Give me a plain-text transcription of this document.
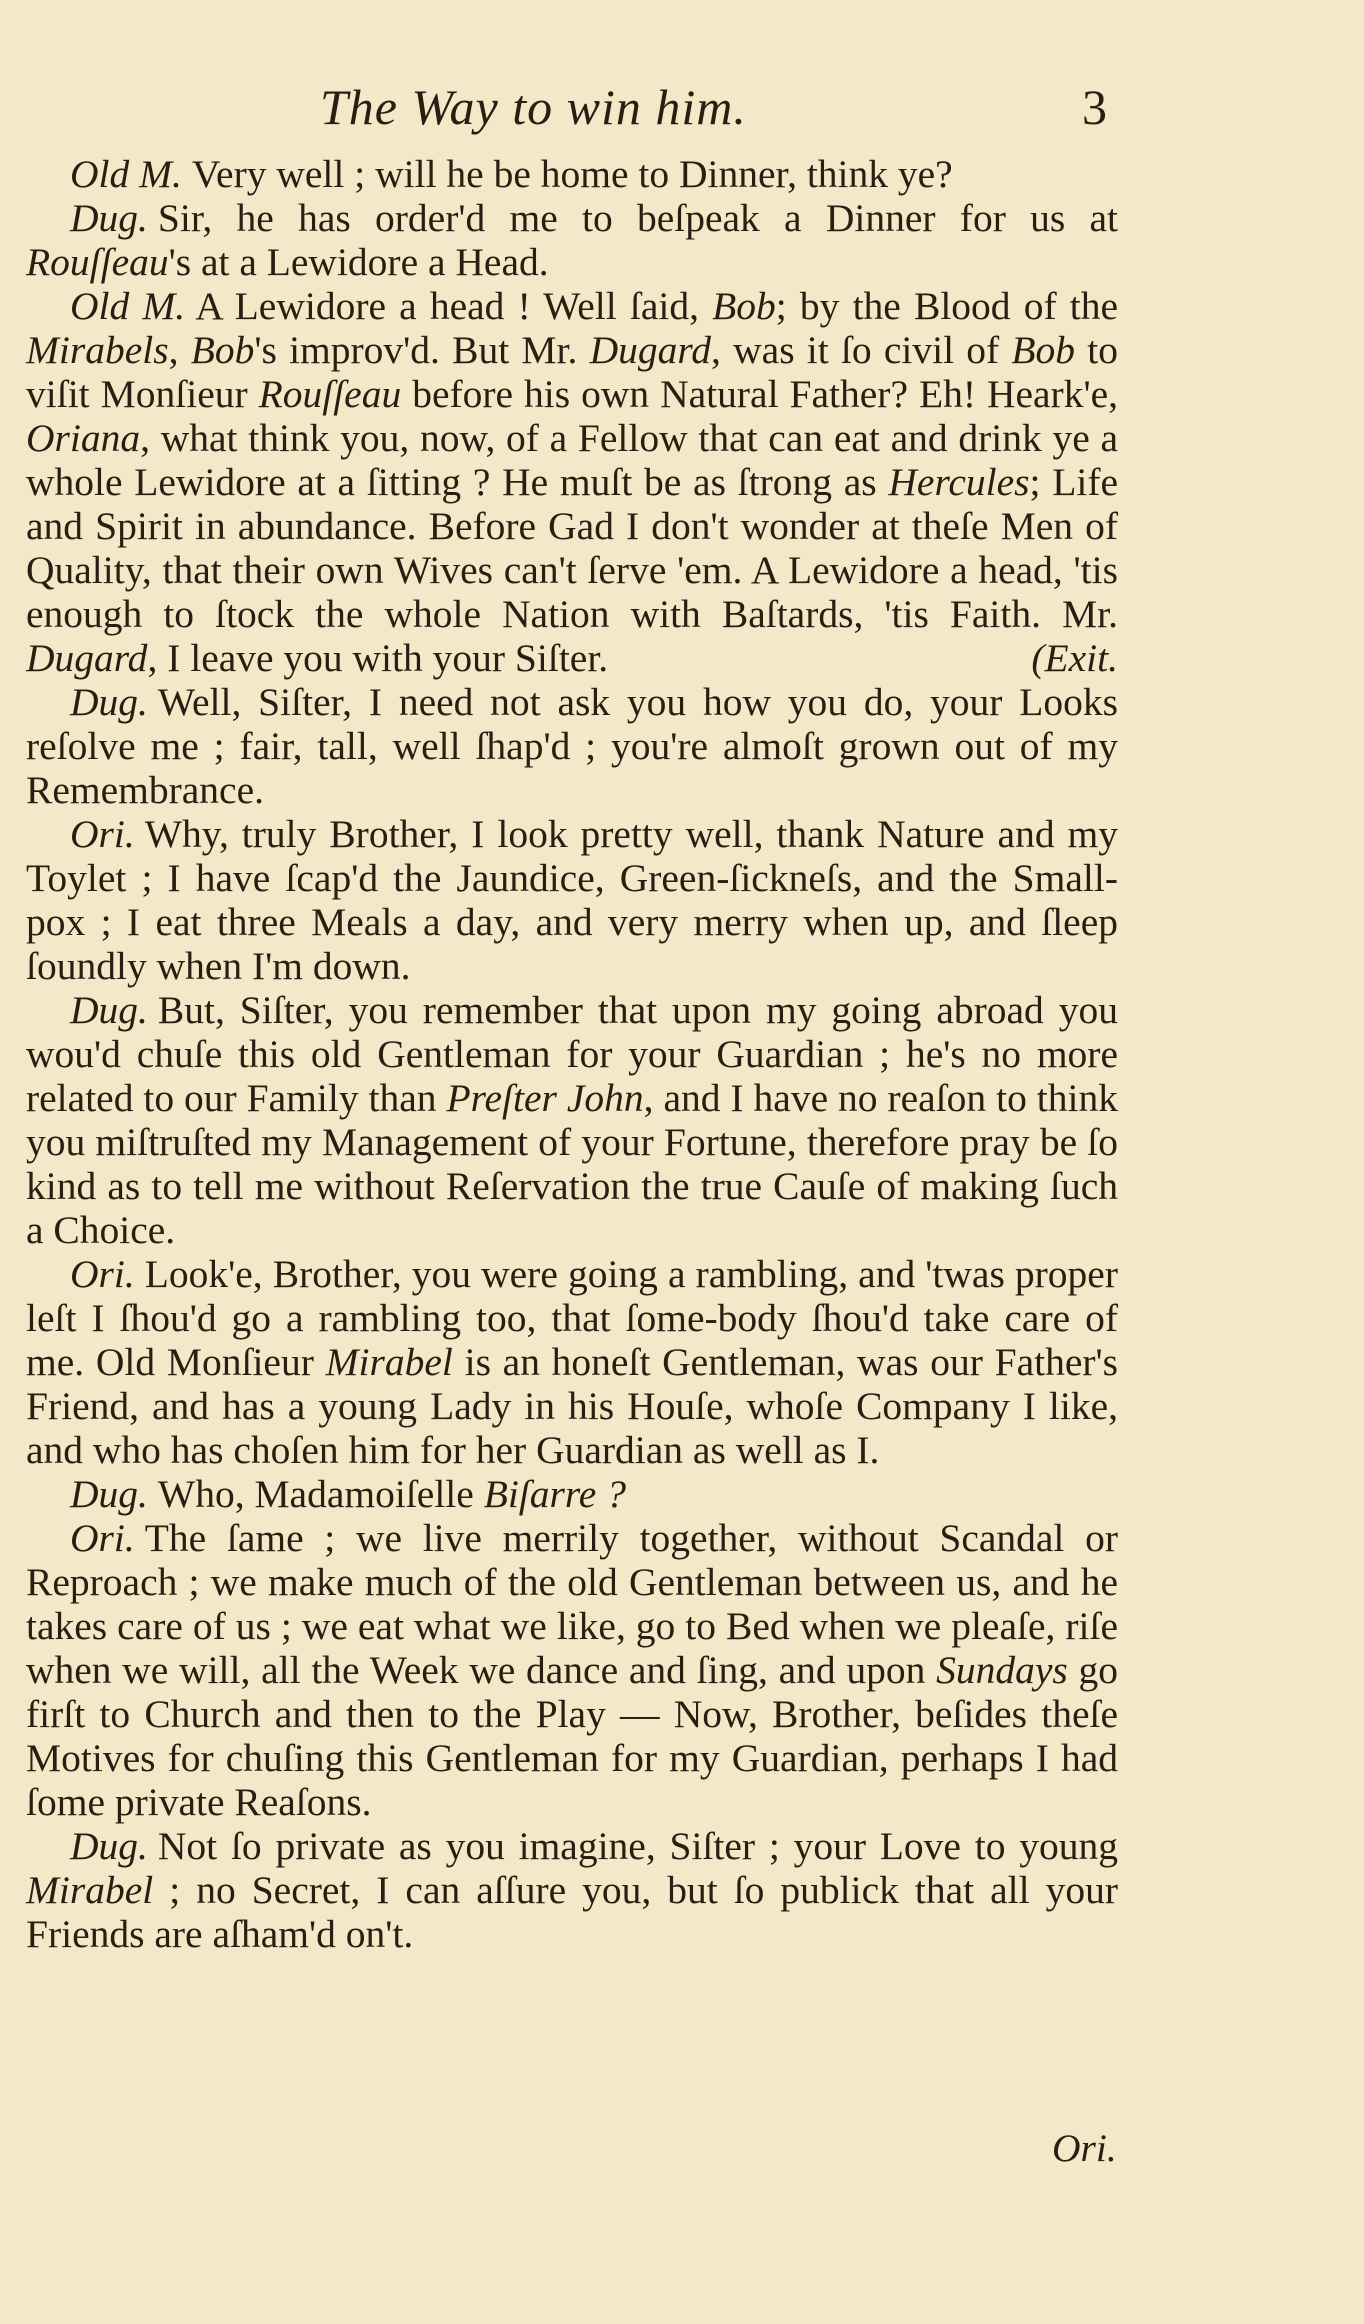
The Way to win him.	3

Old M. Very well ; will he be home to Dinner, think ye?

Dug. Sir, he has order'd me to beſpeak a Dinner for us at Rouſſeau's at a Lewidore a Head.

Old M. A Lewidore a head ! Well ſaid, Bob; by the Blood of the Mirabels, Bob's improv'd. But Mr. Dugard, was it ſo civil of Bob to viſit Monſieur Rouſſeau before his own Natural Father? Eh! Heark'e, Oriana, what think you, now, of a Fellow that can eat and drink ye a whole Lewidore at a ſitting ? He muſt be as ſtrong as Hercules; Life and Spirit in abundance. Before Gad I don't wonder at theſe Men of Quality, that their own Wives can't ſerve 'em. A Lewidore a head, 'tis enough to ſtock the whole Nation with Baſtards, 'tis Faith. Mr. Dugard, I leave you with your Siſter.	(Exit.

Dug. Well, Siſter, I need not ask you how you do, your Looks reſolve me ; fair, tall, well ſhap'd ; you're almoſt grown out of my Remembrance.

Ori. Why, truly Brother, I look pretty well, thank Nature and my Toylet ; I have ſcap'd the Jaundice, Green-ſickneſs, and the Small-pox ; I eat three Meals a day, and very merry when up, and ſleep ſoundly when I'm down.

Dug. But, Siſter, you remember that upon my going abroad you wou'd chuſe this old Gentleman for your Guardian ; he's no more related to our Family than Preſter John, and I have no reaſon to think you miſtruſted my Management of your Fortune, therefore pray be ſo kind as to tell me without Reſervation the true Cauſe of making ſuch a Choice.

Ori. Look'e, Brother, you were going a rambling, and 'twas proper leſt I ſhou'd go a rambling too, that ſome-body ſhou'd take care of me. Old Monſieur Mirabel is an honeſt Gentleman, was our Father's Friend, and has a young Lady in his Houſe, whoſe Company I like, and who has choſen him for her Guardian as well as I.

Dug. Who, Madamoiſelle Biſarre ?

Ori. The ſame ; we live merrily together, without Scandal or Reproach ; we make much of the old Gentleman between us, and he takes care of us ; we eat what we like, go to Bed when we pleaſe, riſe when we will, all the Week we dance and ſing, and upon Sundays go firſt to Church and then to the Play — Now, Brother, beſides theſe Motives for chuſing this Gentleman for my Guardian, perhaps I had ſome private Reaſons.

Dug. Not ſo private as you imagine, Siſter ; your Love to young Mirabel ; no Secret, I can aſſure you, but ſo publick that all your Friends are aſham'd on't.

Ori.
